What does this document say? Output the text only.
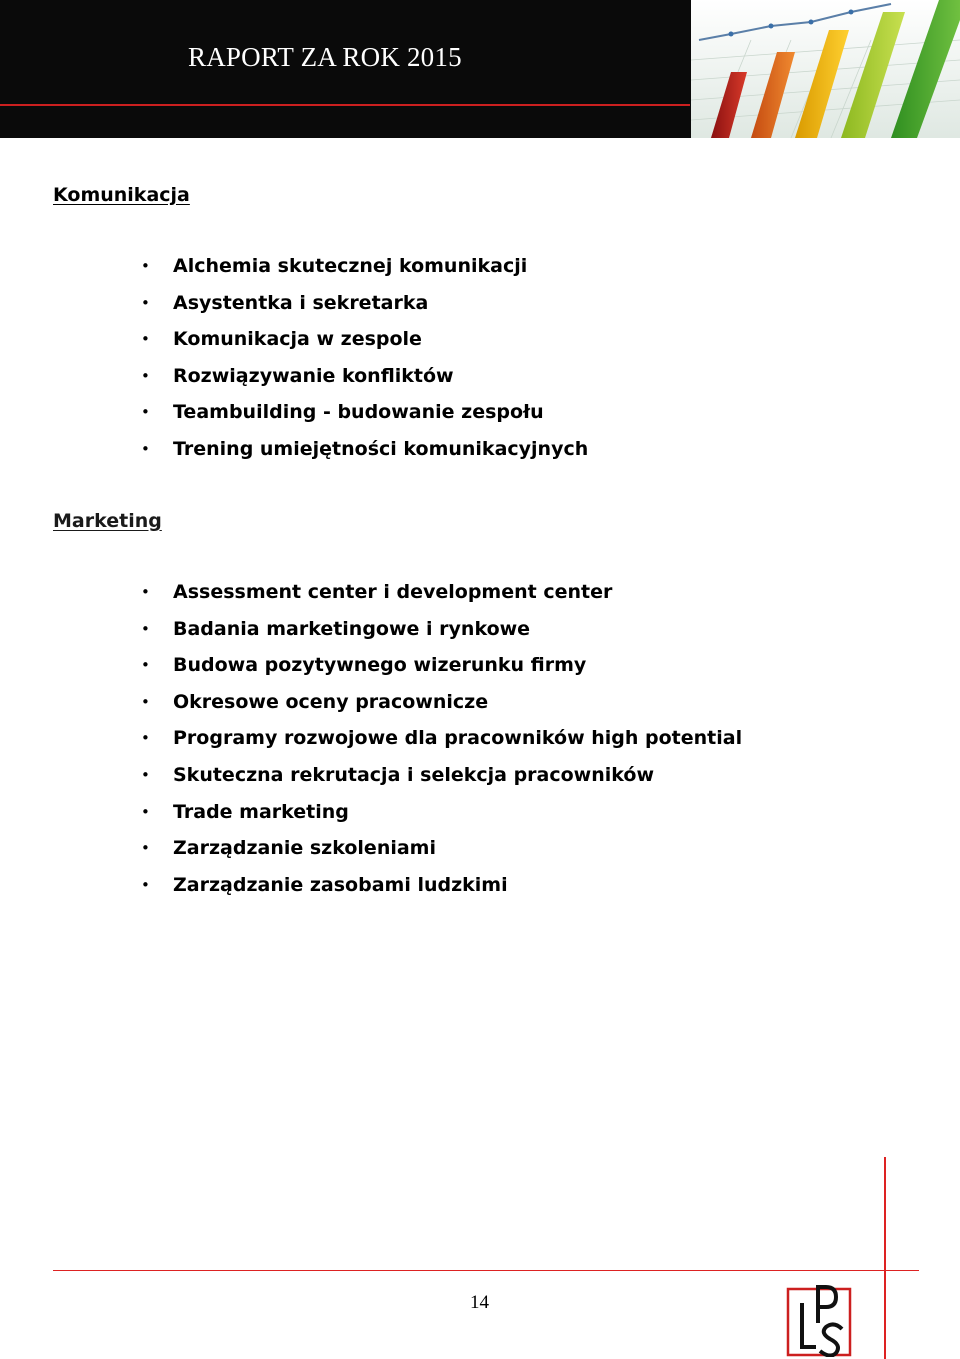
RAPORT ZA ROK 2015
Komunikacja
• Alchemia skutecznej komunikacji
• Asystentka i sekretarka
• Komunikacja w zespole
• Rozwiązywanie konfliktów
• Teambuilding - budowanie zespołu
• Trening umiejętności komunikacyjnych
Marketing
• Assessment center i development center
• Badania marketingowe i rynkowe
• Budowa pozytywnego wizerunku firmy
• Okresowe oceny pracownicze
• Programy rozwojowe dla pracowników high potential
• Skuteczna rekrutacja i selekcja pracowników
• Trade marketing
• Zarządzanie szkoleniami
• Zarządzanie zasobami ludzkimi
14
